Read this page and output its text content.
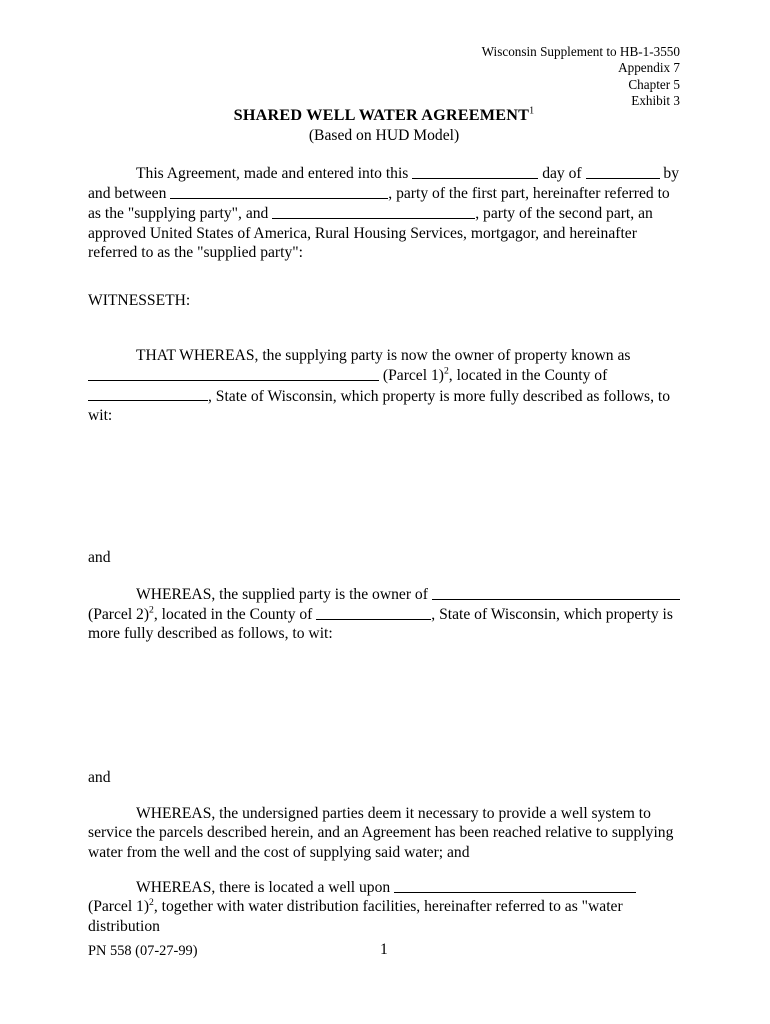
Wisconsin Supplement to HB-1-3550
Appendix 7
Chapter 5
Exhibit 3
SHARED WELL WATER AGREEMENT$^1$
(Based on HUD Model)
This Agreement, made and entered into this	day of	by and between	, party of the first part, hereinafter referred to as the "supplying party", and	, party of the second part, an approved United States of America, Rural Housing Services, mortgagor, and hereinafter referred to as the "supplied party":
WITNESSETH:
THAT WHEREAS, the supplying party is now the owner of property known as  (Parcel 1)$^2$, located in the County of , State of Wisconsin, which property is more fully described as follows, to wit:
and
WHEREAS, the supplied party is the owner of  (Parcel 2)$^2$, located in the County of	, State of Wisconsin, which property is more fully described as follows, to wit:
and
WHEREAS, the undersigned parties deem it necessary to provide a well system to service the parcels described herein, and an Agreement has been reached relative to supplying water from the well and the cost of supplying said water; and
WHEREAS, there is located a well upon (Parcel 1)$^2$, together with water distribution facilities, hereinafter referred to as "water distribution
PN 558 (07-27-99)	1
